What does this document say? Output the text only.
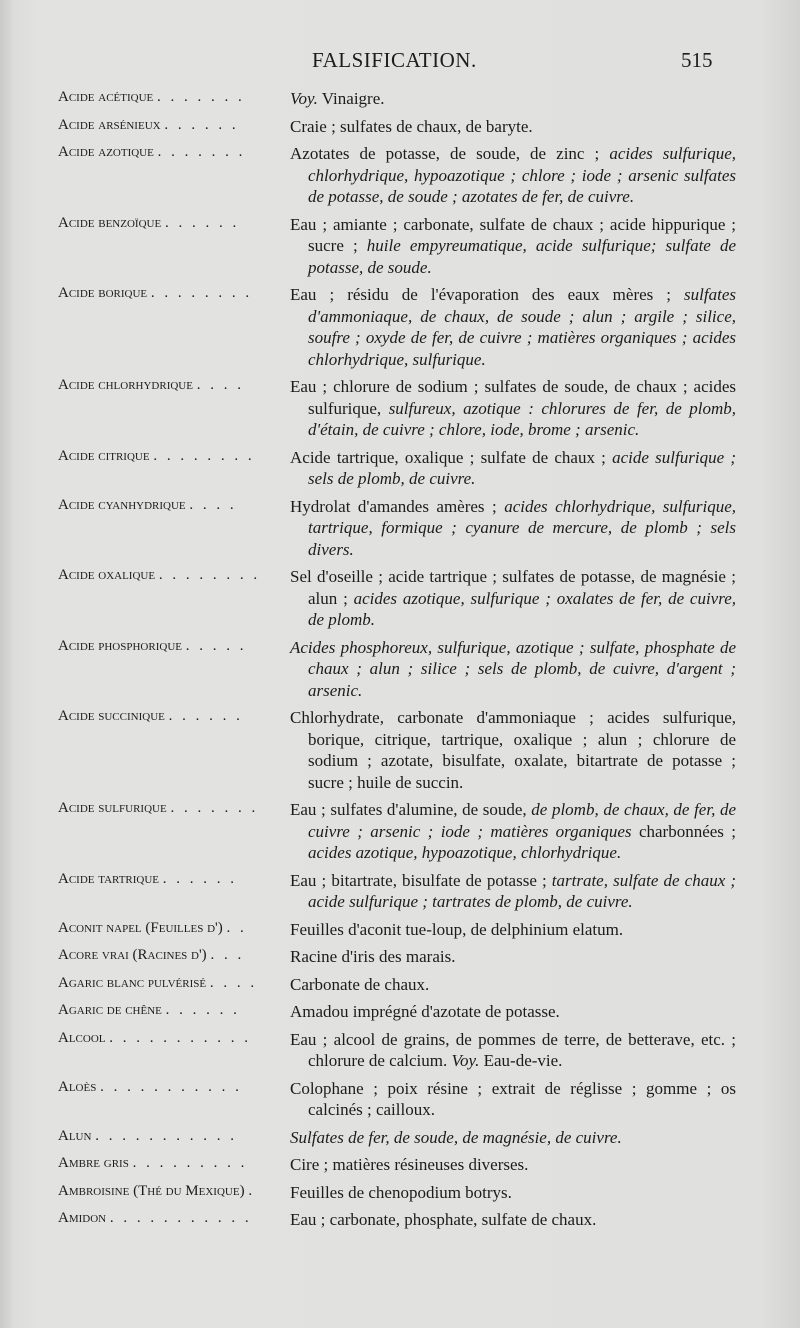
FALSIFICATION.	515
Acide acétique . . . . . . .	Voy. Vinaigre.
Acide arsénieux . . . . . .	Craie ; sulfates de chaux, de baryte.
Acide azotique . . . . . . .	Azotates de potasse, de soude, de zinc ; acides sulfurique, chlorhydrique, hypoazotique ; chlore ; iode ; arsenic sulfates de potasse, de soude ; azotates de fer, de cuivre.
Acide benzoïque . . . . . .	Eau ; amiante ; carbonate, sulfate de chaux ; acide hippurique ; sucre ; huile empyreumatique, acide sulfurique; sulfate de potasse, de soude.
Acide borique . . . . . . . .	Eau ; résidu de l'évaporation des eaux mères ; sulfates d'ammoniaque, de chaux, de soude ; alun ; argile ; silice, soufre ; oxyde de fer, de cuivre ; matières organiques ; acides chlorhydrique, sulfurique.
Acide chlorhydrique . . . .	Eau ; chlorure de sodium ; sulfates de soude, de chaux ; acides sulfurique, sulfureux, azotique : chlorures de fer, de plomb, d'étain, de cuivre ; chlore, iode, brome ; arsenic.
Acide citrique . . . . . . . .	Acide tartrique, oxalique ; sulfate de chaux ; acide sulfurique ; sels de plomb, de cuivre.
Acide cyanhydrique . . . .	Hydrolat d'amandes amères ; acides chlorhydrique, sulfurique, tartrique, formique ; cyanure de mercure, de plomb ; sels divers.
Acide oxalique . . . . . . . .	Sel d'oseille ; acide tartrique ; sulfates de potasse, de magnésie ; alun ; acides azotique, sulfurique ; oxalates de fer, de cuivre, de plomb.
Acide phosphorique . . . . .	Acides phosphoreux, sulfurique, azotique ; sulfate, phosphate de chaux ; alun ; silice ; sels de plomb, de cuivre, d'argent ; arsenic.
Acide succinique . . . . . .	Chlorhydrate, carbonate d'ammoniaque ; acides sulfurique, borique, citrique, tartrique, oxalique ; alun ; chlorure de sodium ; azotate, bisulfate, oxalate, bitartrate de potasse ; sucre ; huile de succin.
Acide sulfurique . . . . . . .	Eau ; sulfates d'alumine, de soude, de plomb, de chaux, de fer, de cuivre ; arsenic ; iode ; matières organiques charbonnées ; acides azotique, hypoazotique, chlorhydrique.
Acide tartrique . . . . . .	Eau ; bitartrate, bisulfate de potasse ; tartrate, sulfate de chaux ; acide sulfurique ; tartrates de plomb, de cuivre.
Aconit napel (Feuilles d') . .	Feuilles d'aconit tue-loup, de delphinium elatum.
Acore vrai (Racines d') . . .	Racine d'iris des marais.
Agaric blanc pulvérisé . . . .	Carbonate de chaux.
Agaric de chêne . . . . . .	Amadou imprégné d'azotate de potasse.
Alcool . . . . . . . . . . .	Eau ; alcool de grains, de pommes de terre, de betterave, etc. ; chlorure de calcium. Voy. Eau-de-vie.
Aloès . . . . . . . . . . .	Colophane ; poix résine ; extrait de réglisse ; gomme ; os calcinés ; cailloux.
Alun . . . . . . . . . . .	Sulfates de fer, de soude, de magnésie, de cuivre.
Ambre gris . . . . . . . . .	Cire ; matières résineuses diverses.
Ambroisine (Thé du Mexique) .	Feuilles de chenopodium botrys.
Amidon . . . . . . . . . . .	Eau ; carbonate, phosphate, sulfate de chaux.
